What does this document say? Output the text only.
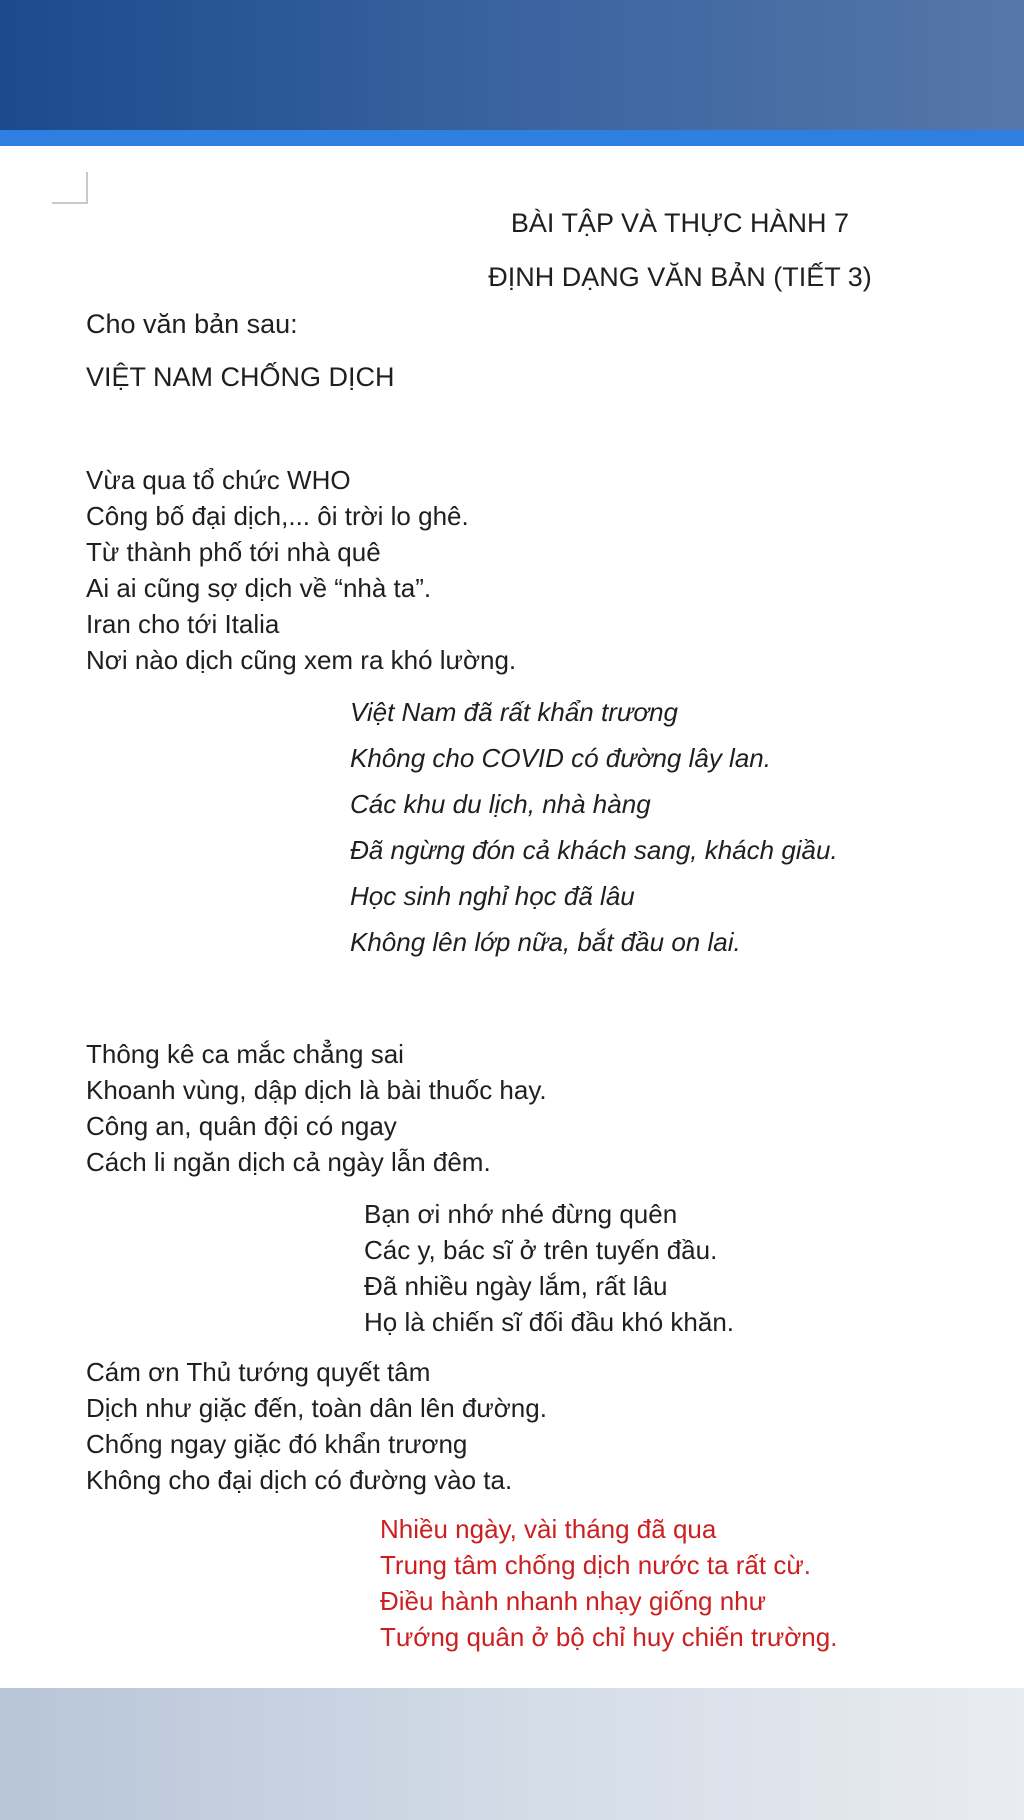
BÀI TẬP VÀ THỰC HÀNH 7
ĐỊNH DẠNG VĂN BẢN (TIẾT 3)
Cho văn bản sau:
VIỆT NAM CHỐNG DỊCH
Vừa qua tổ chức WHO
Công bố đại dịch,... ôi trời lo ghê.
Từ thành phố tới nhà quê
Ai ai cũng sợ dịch về “nhà ta”.
Iran cho tới Italia
Nơi nào dịch cũng xem ra khó lường.
Việt Nam đã rất khẩn trương
Không cho COVID có đường lây lan.
Các khu du lịch, nhà hàng
Đã ngừng đón cả khách sang, khách giầu.
Học sinh nghỉ học đã lâu
Không lên lớp nữa, bắt đầu on lai.
Thông kê ca mắc chẳng sai
Khoanh vùng, dập dịch là bài thuốc hay.
Công an, quân đội có ngay
Cách li ngăn dịch cả ngày lẫn đêm.
Bạn ơi nhớ nhé đừng quên
Các y, bác sĩ ở trên tuyến đầu.
Đã nhiều ngày lắm, rất lâu
Họ là chiến sĩ đối đầu khó khăn.
Cám ơn Thủ tướng quyết tâm
Dịch như giặc đến, toàn dân lên đường.
Chống ngay giặc đó khẩn trương
Không cho đại dịch có đường vào ta.
Nhiều ngày, vài tháng đã qua
Trung tâm chống dịch nước ta rất cừ.
Điều hành nhanh nhạy giống như
Tướng quân ở bộ chỉ huy chiến trường.
